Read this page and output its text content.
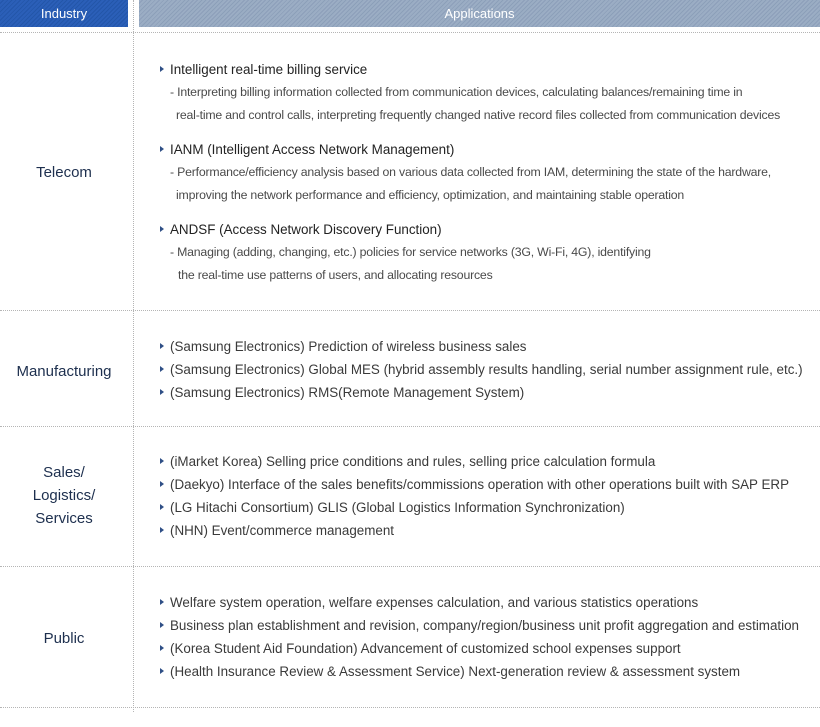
Industry	Applications
Telecom
Intelligent real-time billing service
- Interpreting billing information collected from communication devices, calculating balances/remaining time in
real-time and control calls, interpreting frequently changed native record files collected from communication devices
IANM (Intelligent Access Network Management)
- Performance/efficiency analysis based on various data collected from IAM, determining the state of the hardware,
improving the network performance and efficiency, optimization, and maintaining stable operation
ANDSF (Access Network Discovery Function)
- Managing (adding, changing, etc.) policies for service networks (3G, Wi-Fi, 4G), identifying
the real-time use patterns of users, and allocating resources
Manufacturing
(Samsung Electronics) Prediction of wireless business sales
(Samsung Electronics) Global MES (hybrid assembly results handling, serial number assignment rule, etc.)
(Samsung Electronics) RMS(Remote Management System)
Sales/
Logistics/
Services
(iMarket Korea) Selling price conditions and rules, selling price calculation formula
(Daekyo) Interface of the sales benefits/commissions operation with other operations built with SAP ERP
(LG Hitachi Consortium) GLIS (Global Logistics Information Synchronization)
(NHN) Event/commerce management
Public
Welfare system operation, welfare expenses calculation, and various statistics operations
Business plan establishment and revision, company/region/business unit profit aggregation and estimation
(Korea Student Aid Foundation) Advancement of customized school expenses support
(Health Insurance Review & Assessment Service) Next-generation review & assessment system
